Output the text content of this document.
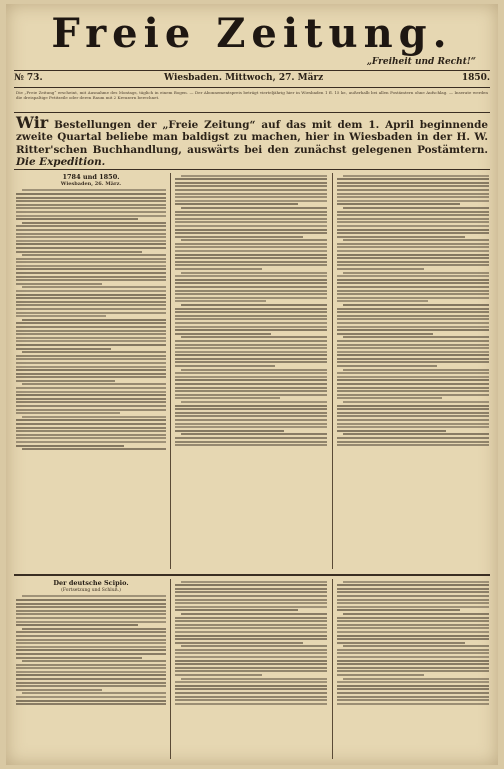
Freie Zeitung.
„Freiheit und Recht!“
№ 73.	Wiesbaden. Mittwoch, 27. März	1850.
Die „Freie Zeitung“ erscheint, mit Ausnahme des Montags, täglich in einem Bogen. — Der Abonnementspreis beträgt vierteljährig hier in Wiesbaden 1 fl. 15 kr., außerhalb bei allen Postämtern ohne Aufschlag. — Inserate werden die dreispaltige Petitzeile oder deren Raum mit 2 Kreuzern berechnet.
Wir Bestellungen der „Freie Zeitung“ auf das mit dem 1. April beginnende zweite Quartal beliebe man baldigst zu machen, hier in Wiesbaden in der H. W. Ritter'schen Buchhandlung, auswärts bei den zunächst gelegenen Postämtern. Die Expedition.
1784 und 1850.
Wiesbaden, 26. März.
Der deutsche Scipio.
(Fortsetzung und Schluß.)
